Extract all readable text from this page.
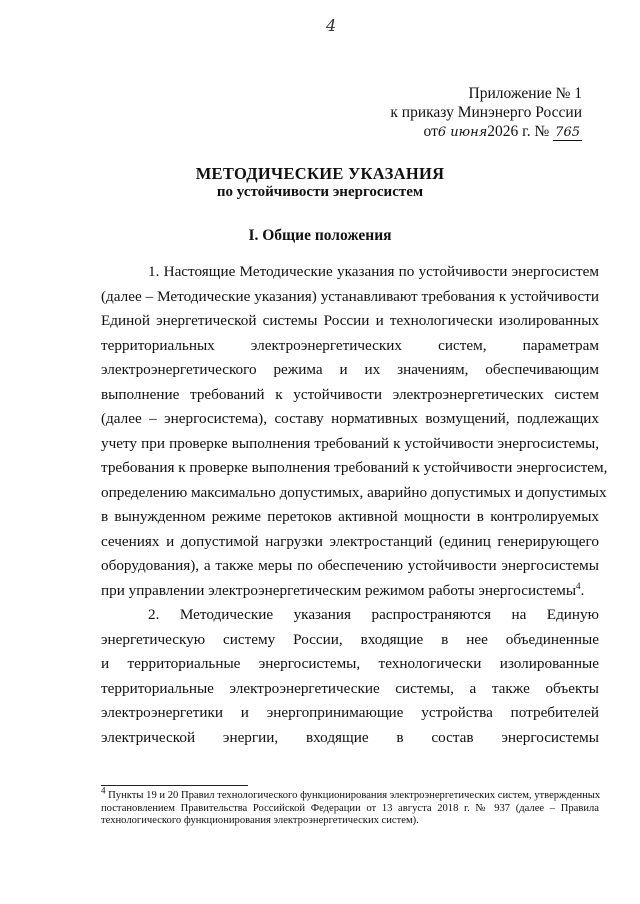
4
Приложение № 1
к приказу Минэнерго России
от6 июня2026 г. № 765
МЕТОДИЧЕСКИЕ УКАЗАНИЯ
по устойчивости энергосистем
I. Общие положения
1. Настоящие Методические указания по устойчивости энергосистем
(далее – Методические указания) устанавливают требования к устойчивости
Единой энергетической системы России и технологически изолированных
территориальных электроэнергетических систем, параметрам
электроэнергетического режима и их значениям, обеспечивающим
выполнение требований к устойчивости электроэнергетических систем
(далее – энергосистема), составу нормативных возмущений, подлежащих
учету при проверке выполнения требований к устойчивости энергосистемы,
требования к проверке выполнения требований к устойчивости энергосистем,
определению максимально допустимых, аварийно допустимых и допустимых
в вынужденном режиме перетоков активной мощности в контролируемых
сечениях и допустимой нагрузки электростанций (единиц генерирующего
оборудования), а также меры по обеспечению устойчивости энергосистемы
при управлении электроэнергетическим режимом работы энергосистемы$^4$.
2. Методические указания распространяются на Единую
энергетическую систему России, входящие в нее объединенные
и территориальные энергосистемы, технологически изолированные
территориальные электроэнергетические системы, а также объекты
электроэнергетики и энергопринимающие устройства потребителей
электрической энергии, входящие в состав энергосистемы
$^4$ Пункты 19 и 20 Правил технологического функционирования электроэнергетических систем, утвержденных
постановлением Правительства Российской Федерации от 13 августа 2018 г. № 937 (далее – Правила
технологического функционирования электроэнергетических систем).
